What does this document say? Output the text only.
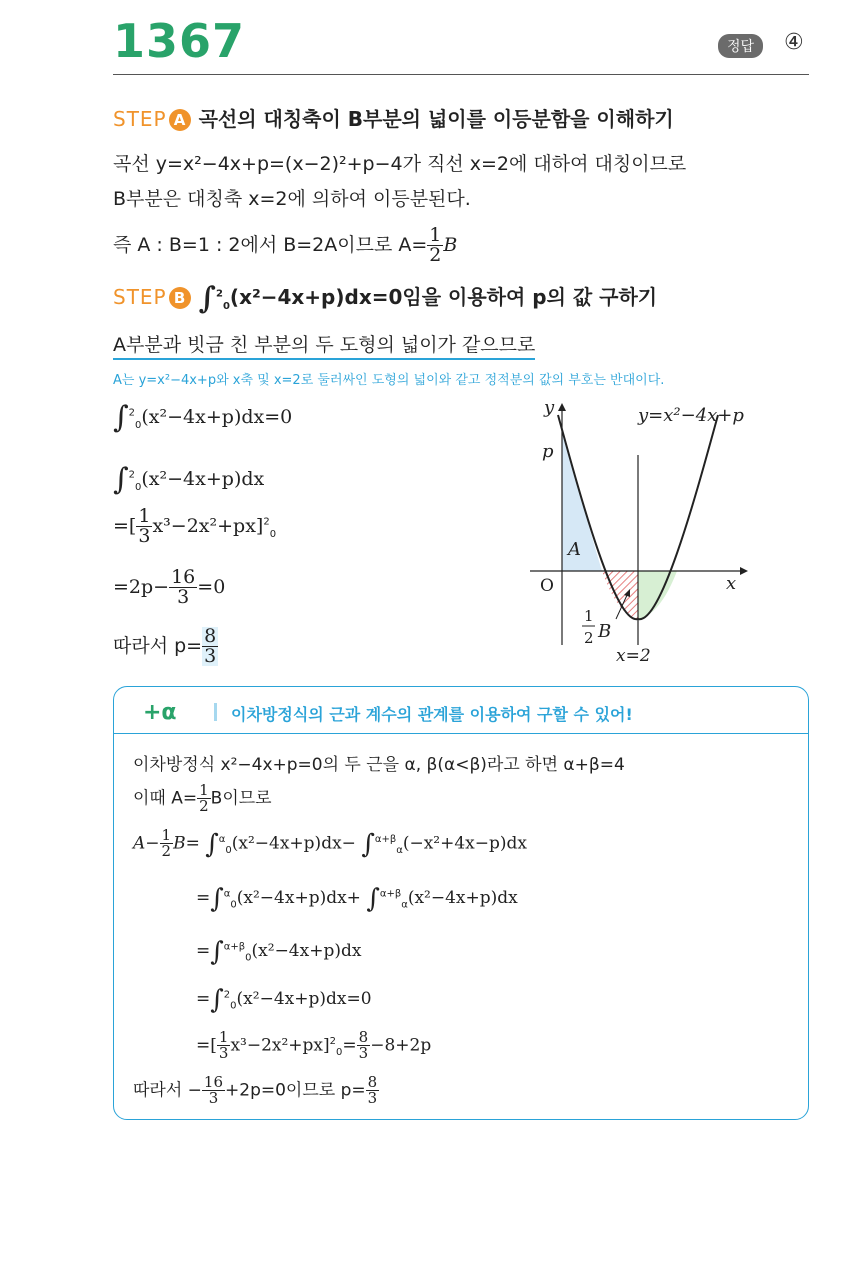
1367	정답	④
STEP A 곡선의 대칭축이 B부분의 넓이를 이등분함을 이해하기
곡선 y=x²−4x+p=(x−2)²+p−4가 직선 x=2에 대하여 대칭이므로
B부분은 대칭축 x=2에 의하여 이등분된다.
즉 A : B=1 : 2에서 B=2A이므로 $A= \frac{1}{2}$ B
STEP B ∫$^2_0$(x²−4x+p)dx=0임을 이용하여 p의 값 구하기
A부분과 빗금 친 부분의 두 도형의 넓이가 같으므로
A는 y=x²−4x+p와 x축 및 x=2로 둘러싸인 도형의 넓이와 같고 정적분의 값의 부호는 반대이다.
∫$^2_0$(x²−4x+p)dx=0
∫$^2_0$(x²−4x+p)dx
=[ $\frac{1}{3} x^3-2x^2+px]^2_0$
$=2p- \frac{16}{3} =0$
따라서 $p= \frac{8}{3}$
y
x
O
p
y=x²−4x+p
A
1
2 B
x=2
+α	이차방정식의 근과 계수의 관계를 이용하여 구할 수 있어!
이차방정식 x²−4x+p=0의 두 근을 α, β(α<β)라고 하면 α+β=4
이때 $A= \frac{1}{2}$ B이므로
$A- \frac{1}{2} B= \int^\alpha_0(x^2-4x+p)dx- \int^{\alpha+\beta}_\alpha(-x^2+4x-p)dx$
=∫$^\alpha_0$(x²−4x+p)dx+ ∫$^{\alpha+\beta}_\alpha$(x²−4x+p)dx
=∫$^{\alpha+\beta}_0$(x²−4x+p)dx
=∫$^2_0$(x²−4x+p)dx=0
=[ $\frac{1}{3} x^3-2x^2+px]^2_0= \frac{8}{3} -8+2p$
따라서 − $\frac{16}{3} +2p=0$이므로 $p= \frac{8}{3}$
